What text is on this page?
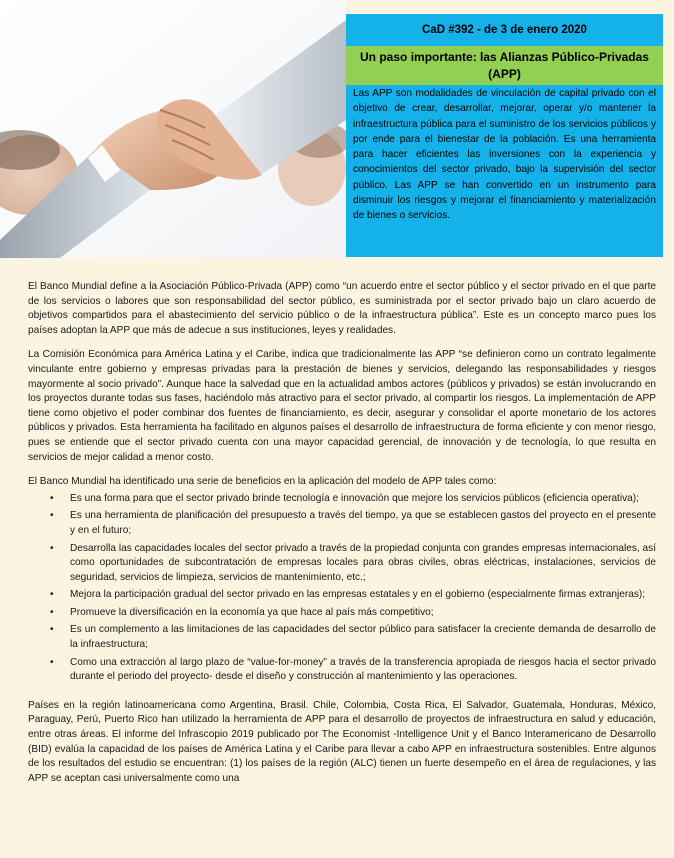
CaD #392 - de 3 de enero 2020
Un paso importante: las Alianzas Público-Privadas (APP)
Las APP son modalidades de vinculación de capital privado con el objetivo de crear, desarrollar, mejorar, operar y/o mantener la infraestructura pública para el suministro de los servicios públicos y por ende para el bienestar de la población. Es una herramienta para hacer eficientes las inversiones con la experiencia y conocimientos del sector privado, bajo la supervisión del sector público. Las APP se han convertido en un instrumento para disminuir los riesgos y mejorar el financiamiento y materialización de bienes o servicios.

El Banco Mundial define a la Asociación Público-Privada (APP) como “un acuerdo entre el sector público y el sector privado en el que parte de los servicios o labores que son responsabilidad del sector público, es suministrada por el sector privado bajo un claro acuerdo de objetivos compartidos para el abastecimiento del servicio público o de la infraestructura pública”. Este es un concepto marco pues los países adoptan la APP que más de adecue a sus instituciones, leyes y realidades.

La Comisión Económica para América Latina y el Caribe, indica que tradicionalmente las APP “se definieron como un contrato legalmente vinculante entre gobierno y empresas privadas para la prestación de bienes y servicios, delegando las responsabilidades y riesgos mayormente al socio privado”. Aunque hace la salvedad que en la actualidad ambos actores (públicos y privados) se están involucrando en los proyectos durante todas sus fases, haciéndolo más atractivo para el sector privado, al compartir los riesgos. La implementación de APP tiene como objetivo el poder combinar dos fuentes de financiamiento, es decir, asegurar y consolidar el aporte monetario de los actores públicos y privados. Esta herramienta ha facilitado en algunos países el desarrollo de infraestructura de forma eficiente y con menor riesgo, pues se entiende que el sector privado cuenta con una mayor capacidad gerencial, de innovación y de tecnología, lo que resulta en servicios de mejor calidad a menor costo.

El Banco Mundial ha identificado una serie de beneficios en la aplicación del modelo de APP tales como:

• Es una forma para que el sector privado brinde tecnología e innovación que mejore los servicios públicos (eficiencia operativa);
• Es una herramienta de planificación del presupuesto a través del tiempo, ya que se establecen gastos del proyecto en el presente y en el futuro;
• Desarrolla las capacidades locales del sector privado a través de la propiedad conjunta con grandes empresas internacionales, así como oportunidades de subcontratación de empresas locales para obras civiles, obras eléctricas, instalaciones, servicios de seguridad, servicios de limpieza, servicios de mantenimiento, etc.;
• Mejora la participación gradual del sector privado en las empresas estatales y en el gobierno (especialmente firmas extranjeras);
• Promueve la diversificación en la economía ya que hace al país más competitivo;
• Es un complemento a las limitaciones de las capacidades del sector público para satisfacer la creciente demanda de desarrollo de la infraestructura;
• Como una extracción al largo plazo de “value-for-money” a través de la transferencia apropiada de riesgos hacia el sector privado durante el periodo del proyecto- desde el diseño y construcción al mantenimiento y las operaciones.

Países en la región latinoamericana como Argentina, Brasil. Chile, Colombia, Costa Rica, El Salvador, Guatemala, Honduras, México, Paraguay, Perú, Puerto Rico han utilizado la herramienta de APP para el desarrollo de proyectos de infraestructura en salud y educación, entre otras áreas. El informe del Infrascopio 2019 publicado por The Economist -Intelligence Unit y el Banco Interamericano de Desarrollo (BID) evalúa la capacidad de los países de América Latina y el Caribe para llevar a cabo APP en infraestructura sostenibles. Entre algunos de los resultados del estudio se encuentran: (1) los países de la región (ALC) tienen un fuerte desempeño en el área de regulaciones, y las APP se aceptan casi universalmente como una
